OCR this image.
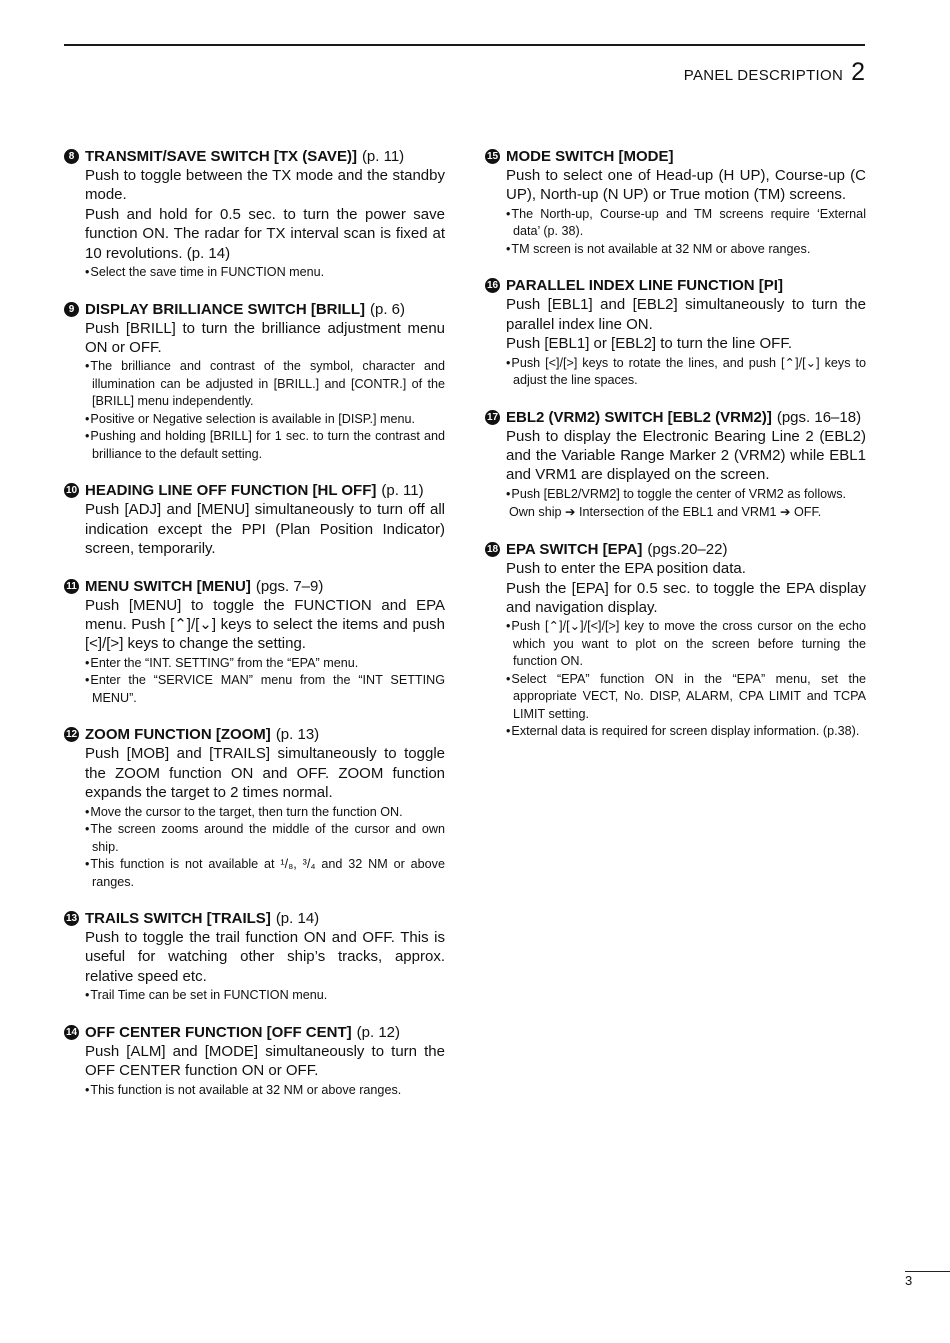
PANEL DESCRIPTION 2
8 TRANSMIT/SAVE SWITCH [TX (SAVE)] (p. 11)

Push to toggle between the TX mode and the standby mode.

Push and hold for 0.5 sec. to turn the power save function ON. The radar for TX interval scan is fixed at 10 revolutions. (p. 14)

• Select the save time in FUNCTION menu.
9 DISPLAY BRILLIANCE SWITCH [BRILL] (p. 6)

Push [BRILL] to turn the brilliance adjustment menu ON or OFF.

• The brilliance and contrast of the symbol, character and illumination can be adjusted in [BRILL.] and [CONTR.] of the [BRILL] menu independently.
• Positive or Negative selection is available in [DISP.] menu.
• Pushing and holding [BRILL] for 1 sec. to turn the contrast and brilliance to the default setting.
10 HEADING LINE OFF FUNCTION [HL OFF] (p. 11)

Push [ADJ] and [MENU] simultaneously to turn off all indication except the PPI (Plan Position Indicator) screen, temporarily.

11 MENU SWITCH [MENU] (pgs. 7–9)

Push [MENU] to toggle the FUNCTION and EPA menu. Push [⌃]/[⌄] keys to select the items and push [<]/[>] keys to change the setting.

• Enter the “INT. SETTING” from the “EPA” menu.
• Enter the “SERVICE MAN” menu from the “INT SETTING MENU”.
12 ZOOM FUNCTION [ZOOM] (p. 13)

Push [MOB] and [TRAILS] simultaneously to toggle the ZOOM function ON and OFF. ZOOM function expands the target to 2 times normal.

• Move the cursor to the target, then turn the function ON.
• The screen zooms around the middle of the cursor and own ship.
• This function is not available at ¹/₈, ³/₄ and 32 NM or above ranges.
13 TRAILS SWITCH [TRAILS] (p. 14)

Push to toggle the trail function ON and OFF. This is useful for watching other ship’s tracks, approx. relative speed etc.

• Trail Time can be set in FUNCTION menu.
14 OFF CENTER FUNCTION [OFF CENT] (p. 12)

Push [ALM] and [MODE] simultaneously to turn the OFF CENTER function ON or OFF.

• This function is not available at 32 NM or above ranges.
15 MODE SWITCH [MODE]

Push to select one of Head-up (H UP), Course-up (C UP), North-up (N UP) or True motion (TM) screens.

• The North-up, Course-up and TM screens require ‘External data’ (p. 38).
• TM screen is not available at 32 NM or above ranges.
16 PARALLEL INDEX LINE FUNCTION [PI]

Push [EBL1] and [EBL2] simultaneously to turn the parallel index line ON.

Push [EBL1] or [EBL2] to turn the line OFF.

• Push [<]/[>] keys to rotate the lines, and push [⌃]/[⌄] keys to adjust the line spaces.
17 EBL2 (VRM2) SWITCH [EBL2 (VRM2)] (pgs. 16–18)

Push to display the Electronic Bearing Line 2 (EBL2) and the Variable Range Marker 2 (VRM2) while EBL1 and VRM1 are displayed on the screen.

• Push [EBL2/VRM2] to toggle the center of VRM2 as follows.
Own ship ➔ Intersection of the EBL1 and VRM1 ➔ OFF.
18 EPA SWITCH [EPA] (pgs.20–22)

Push to enter the EPA position data.

Push the [EPA] for 0.5 sec. to toggle the EPA display and navigation display.

• Push [⌃]/[⌄]/[<]/[>] key to move the cross cursor on the echo which you want to plot on the screen before turning the function ON.
• Select “EPA” function ON in the “EPA” menu, set the appropriate VECT, No. DISP, ALARM, CPA LIMIT and TCPA LIMIT setting.
• External data is required for screen display information. (p.38).
3
